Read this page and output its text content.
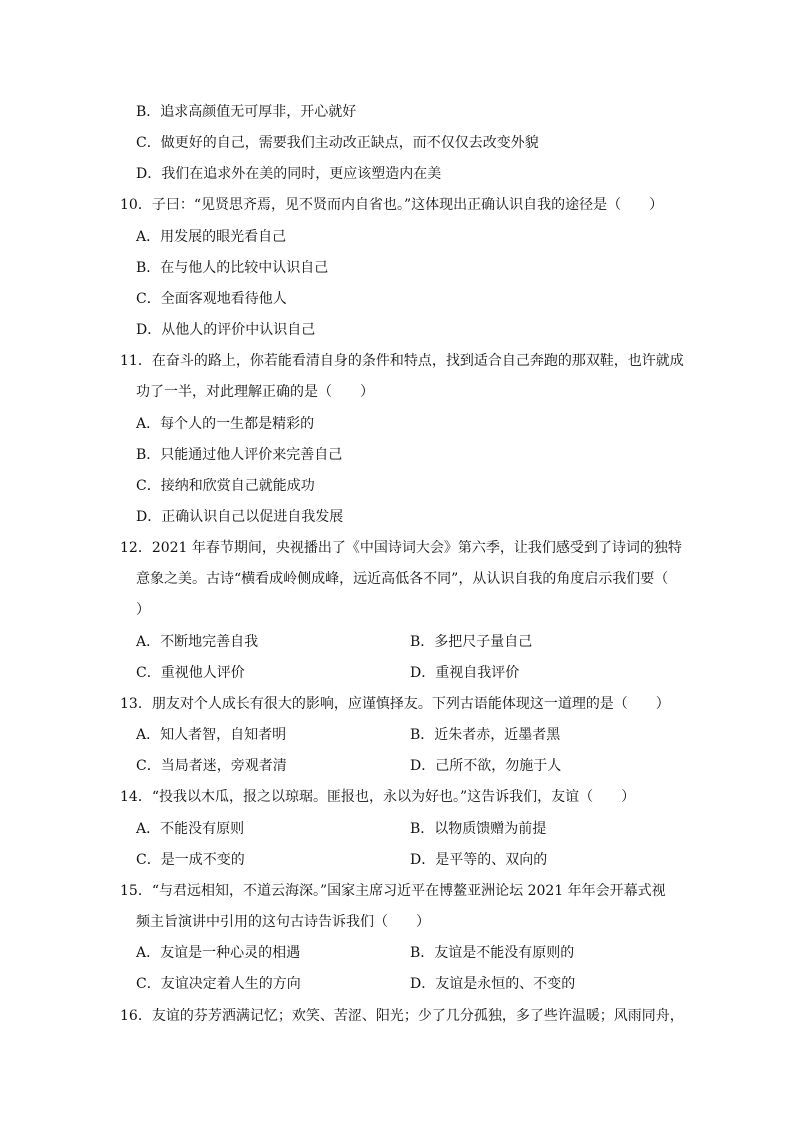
B．追求高颜值无可厚非，开心就好
C．做更好的自己，需要我们主动改正缺点，而不仅仅去改变外貌
D．我们在追求外在美的同时，更应该塑造内在美
10．子曰：“见贤思齐焉，见不贤而内自省也。”这体现出正确认识自我的途径是（　　）
A．用发展的眼光看自己
B．在与他人的比较中认识自己
C．全面客观地看待他人
D．从他人的评价中认识自己
11．在奋斗的路上，你若能看清自身的条件和特点，找到适合自己奔跑的那双鞋，也许就成
功了一半，对此理解正确的是（　　）
A．每个人的一生都是精彩的
B．只能通过他人评价来完善自己
C．接纳和欣赏自己就能成功
D．正确认识自己以促进自我发展
12．2021 年春节期间，央视播出了《中国诗词大会》第六季，让我们感受到了诗词的独特
意象之美。古诗“横看成岭侧成峰，远近高低各不同”，从认识自我的角度启示我们要（
）
A．不断地完善自我	B．多把尺子量自己
C．重视他人评价	D．重视自我评价
13．朋友对个人成长有很大的影响，应谨慎择友。下列古语能体现这一道理的是（　　）
A．知人者智，自知者明	B．近朱者赤，近墨者黑
C．当局者迷，旁观者清	D．己所不欲，勿施于人
14．“投我以木瓜，报之以琼琚。匪报也，永以为好也。”这告诉我们，友谊（　　）
A．不能没有原则	B．以物质馈赠为前提
C．是一成不变的	D．是平等的、双向的
15．“与君远相知，不道云海深。”国家主席习近平在博鳌亚洲论坛 2021 年年会开幕式视
频主旨演讲中引用的这句古诗告诉我们（　　）
A．友谊是一种心灵的相遇	B．友谊是不能没有原则的
C．友谊决定着人生的方向	D．友谊是永恒的、不变的
16．友谊的芬芳洒满记忆；欢笑、苦涩、阳光；少了几分孤独，多了些许温暖；风雨同舟，
